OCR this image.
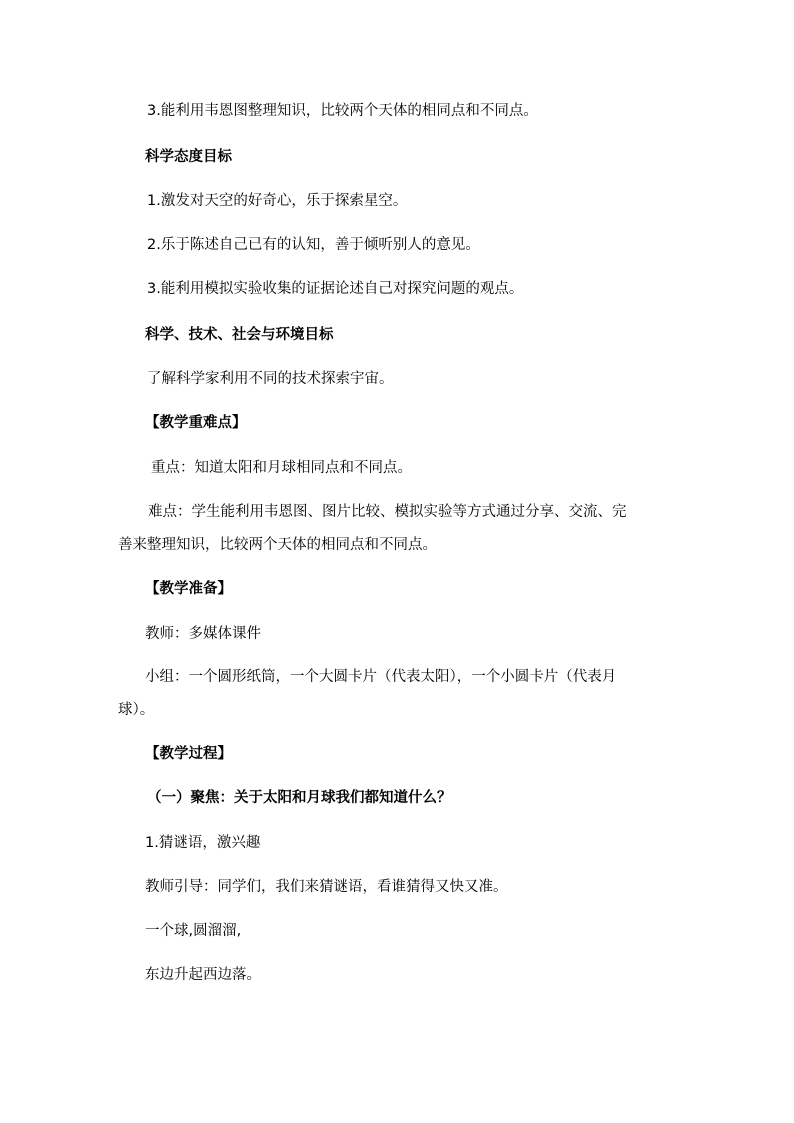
3.能利用韦恩图整理知识，比较两个天体的相同点和不同点。
科学态度目标
1.激发对天空的好奇心，乐于探索星空。
2.乐于陈述自己已有的认知，善于倾听别人的意见。
3.能利用模拟实验收集的证据论述自己对探究问题的观点。
科学、技术、社会与环境目标
了解科学家利用不同的技术探索宇宙。
【教学重难点】
重点：知道太阳和月球相同点和不同点。
难点：学生能利用韦恩图、图片比较、模拟实验等方式通过分享、交流、完
善来整理知识，比较两个天体的相同点和不同点。
【教学准备】
教师：多媒体课件
小组：一个圆形纸筒，一个大圆卡片（代表太阳），一个小圆卡片（代表月
球）。
【教学过程】
（一）聚焦：关于太阳和月球我们都知道什么？
1.猜谜语，激兴趣
教师引导：同学们，我们来猜谜语，看谁猜得又快又准。
一个球,圆溜溜,
东边升起西边落。
